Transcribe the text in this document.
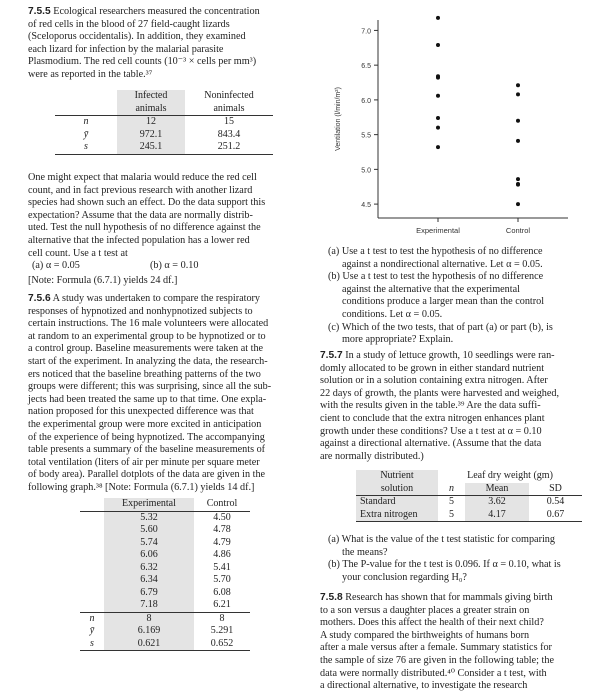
7.5.5 Ecological researchers measured the concentration
of red cells in the blood of 27 field-caught lizards
(Sceloporus occidentalis). In addition, they examined
each lizard for infection by the malarial parasite
Plasmodium. The red cell counts (10⁻³ × cells per mm³)
were as reported in the table.³⁷
	Infected animals	Noninfected animals
n	12	15
ȳ	972.1	843.4
s	245.1	251.2
One might expect that malaria would reduce the red cell
count, and in fact previous research with another lizard
species had shown such an effect. Do the data support this
expectation? Assume that the data are normally distrib-
uted. Test the null hypothesis of no difference against the
alternative that the infected population has a lower red
cell count. Use a t test at
(a) α = 0.05	(b) α = 0.10
[Note: Formula (6.7.1) yields 24 df.]
7.5.6 A study was undertaken to compare the respiratory
responses of hypnotized and nonhypnotized subjects to
certain instructions. The 16 male volunteers were allocated
at random to an experimental group to be hypnotized or to
a control group. Baseline measurements were taken at the
start of the experiment. In analyzing the data, the research-
ers noticed that the baseline breathing patterns of the two
groups were different; this was surprising, since all the sub-
jects had been treated the same up to that time. One expla-
nation proposed for this unexpected difference was that
the experimental group were more excited in anticipation
of the experience of being hypnotized. The accompanying
table presents a summary of the baseline measurements of
total ventilation (liters of air per minute per square meter
of body area). Parallel dotplots of the data are given in the
following graph.³⁸ [Note: Formula (6.7.1) yields 14 df.]
	Experimental	Control
	5.32	4.50
	5.60	4.78
	5.74	4.79
	6.06	4.86
	6.32	5.41
	6.34	5.70
	6.79	6.08
	7.18	6.21
n	8	8
ȳ	6.169	5.291
s	0.621	0.652
7.0
6.5
6.0
5.5
5.0
4.5
Ventilation (l/min/m²)
Experimental	Control
(a) Use a t test to test the hypothesis of no difference
against a nondirectional alternative. Let α = 0.05.
(b) Use a t test to test the hypothesis of no difference
against the alternative that the experimental
conditions produce a larger mean than the control
conditions. Let α = 0.05.
(c) Which of the two tests, that of part (a) or part (b), is
more appropriate? Explain.
7.5.7 In a study of lettuce growth, 10 seedlings were ran-
domly allocated to be grown in either standard nutrient
solution or in a solution containing extra nitrogen. After
22 days of growth, the plants were harvested and weighed,
with the results given in the table.³⁹ Are the data suffi-
cient to conclude that the extra nitrogen enhances plant
growth under these conditions? Use a t test at α = 0.10
against a directional alternative. (Assume that the data
are normally distributed.)
Nutrient	Leaf dry weight (gm)		
solution	n	Mean	SD
Standard	5	3.62	0.54
Extra nitrogen	5	4.17	0.67
(a) What is the value of the t test statistic for comparing
the means?
(b) The P-value for the t test is 0.096. If α = 0.10, what is
your conclusion regarding H₀?
7.5.8 Research has shown that for mammals giving birth
to a son versus a daughter places a greater strain on
mothers. Does this affect the health of their next child?
A study compared the birthweights of humans born
after a male versus after a female. Summary statistics for
the sample of size 76 are given in the following table; the
data were normally distributed.⁴⁰ Consider a t test, with
a directional alternative, to investigate the research
